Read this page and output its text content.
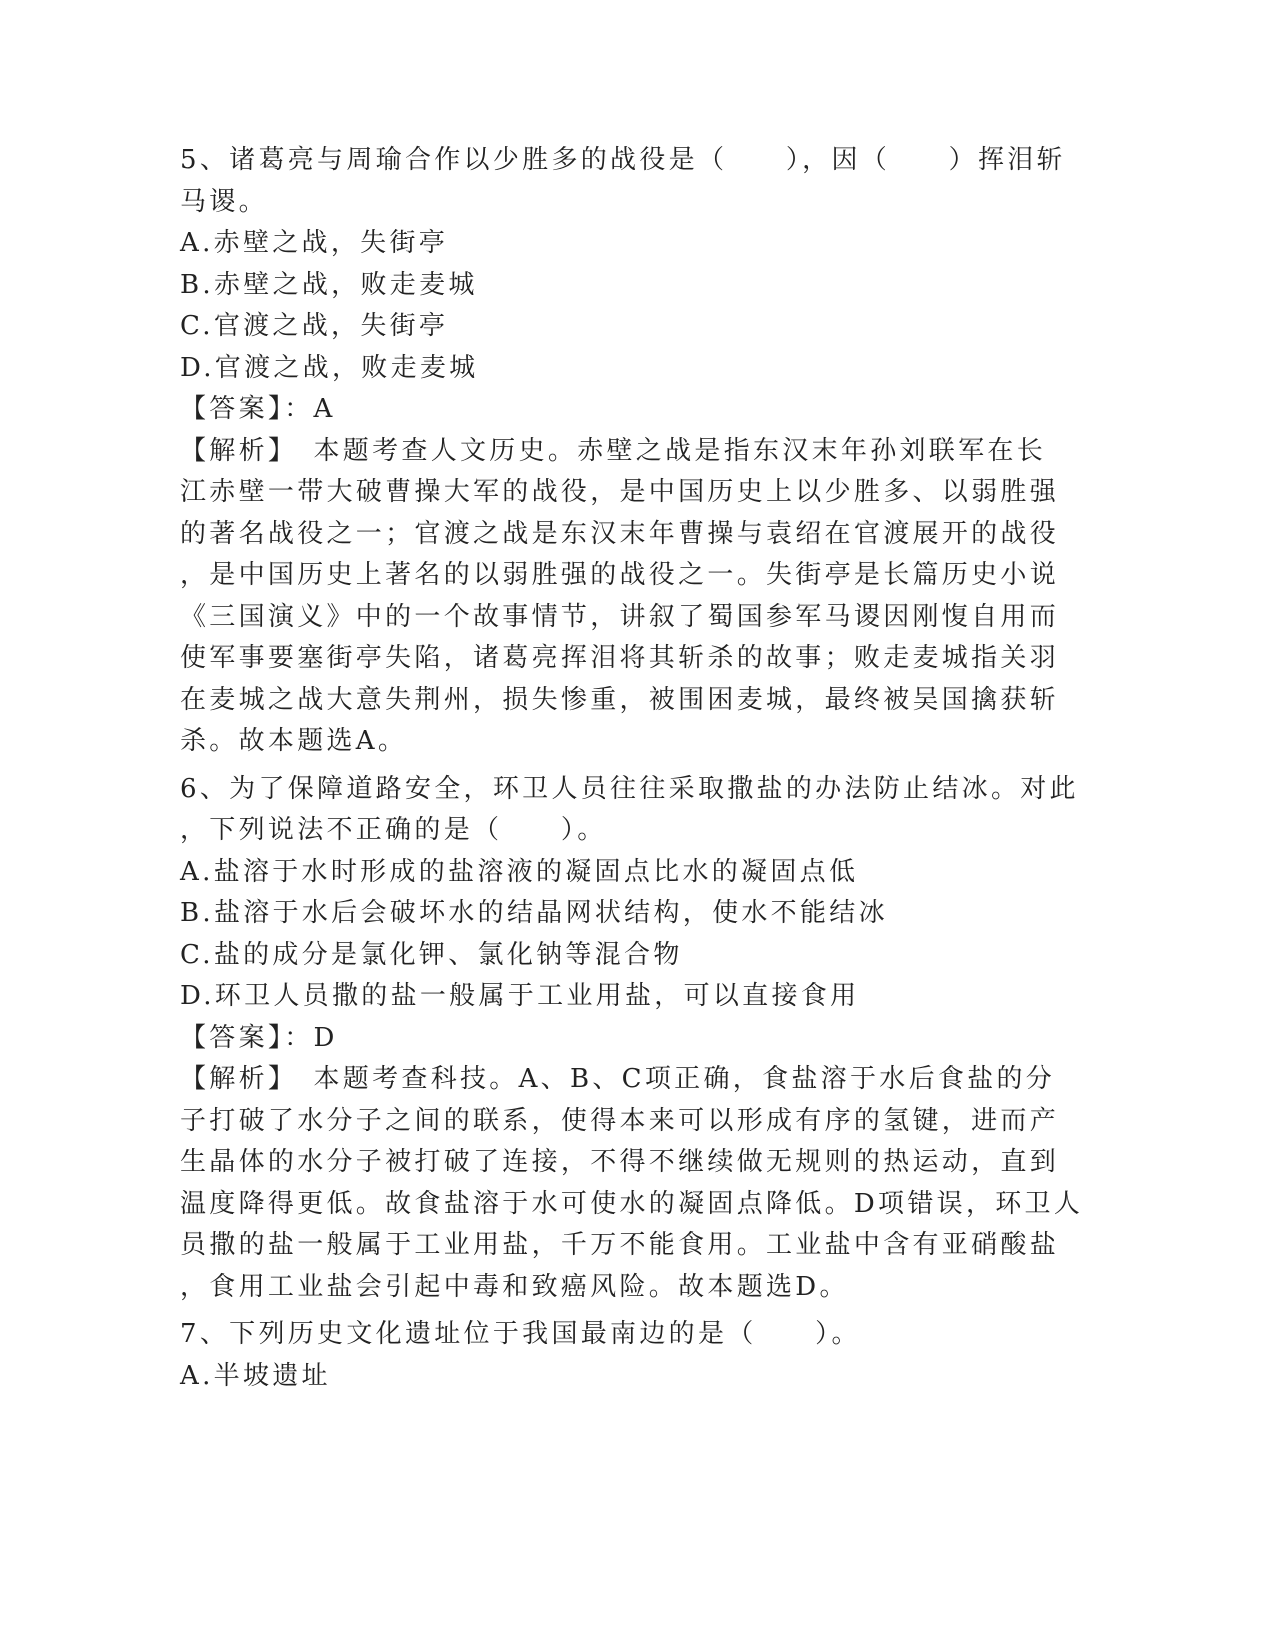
5、诸葛亮与周瑜合作以少胜多的战役是（　　），因（　　）挥泪斩
马谡。
A.赤壁之战，失街亭
B.赤壁之战，败走麦城
C.官渡之战，失街亭
D.官渡之战，败走麦城
【答案】：A
【解析】　本题考查人文历史。赤壁之战是指东汉末年孙刘联军在长
江赤壁一带大破曹操大军的战役，是中国历史上以少胜多、以弱胜强
的著名战役之一；官渡之战是东汉末年曹操与袁绍在官渡展开的战役
，是中国历史上著名的以弱胜强的战役之一。失街亭是长篇历史小说
《三国演义》中的一个故事情节，讲叙了蜀国参军马谡因刚愎自用而
使军事要塞街亭失陷，诸葛亮挥泪将其斩杀的故事；败走麦城指关羽
在麦城之战大意失荆州，损失惨重，被围困麦城，最终被吴国擒获斩
杀。故本题选A。
6、为了保障道路安全，环卫人员往往采取撒盐的办法防止结冰。对此
，下列说法不正确的是（　　）。
A.盐溶于水时形成的盐溶液的凝固点比水的凝固点低
B.盐溶于水后会破坏水的结晶网状结构，使水不能结冰
C.盐的成分是氯化钾、氯化钠等混合物
D.环卫人员撒的盐一般属于工业用盐，可以直接食用
【答案】：D
【解析】　本题考查科技。A、B、C项正确，食盐溶于水后食盐的分
子打破了水分子之间的联系，使得本来可以形成有序的氢键，进而产
生晶体的水分子被打破了连接，不得不继续做无规则的热运动，直到
温度降得更低。故食盐溶于水可使水的凝固点降低。D项错误，环卫人
员撒的盐一般属于工业用盐，千万不能食用。工业盐中含有亚硝酸盐
，食用工业盐会引起中毒和致癌风险。故本题选D。
7、下列历史文化遗址位于我国最南边的是（　　）。
A.半坡遗址
